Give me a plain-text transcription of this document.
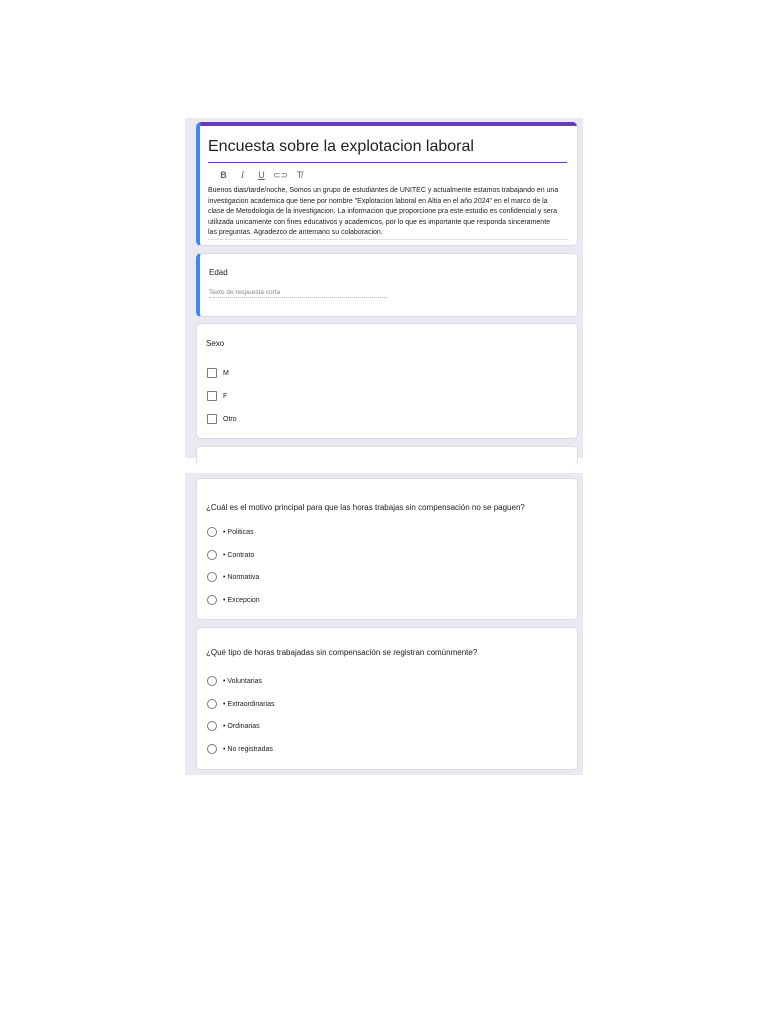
Encuesta sobre la explotacion laboral
B	I	U ⊂⊃ T̸

Buenos dias/tarde/noche, Somos un grupo de estudiantes de UNITEC y actualmente estamos trabajando en una investigacion academica que tiene por nombre "Explotacion laboral en Altia en el año 2024" en el marco de la clase de Metodologia de la investigacion. La informacion que proporcione pra este estudio es confidencial y sera utilizada unicamente con fines educativos y academicos, por lo que es importante que responda sinceramente las preguntas. Agradezco de antemano su colaboracion.

Edad
Texto de respuesta corta
Sexo
M
F
Otro
¿Cuál es el motivo principal para que las horas trabajas sin compensación no se paguen?
• Politicas
• Contrato
• Normativa
• Excepcion
¿Qué tipo de horas trabajadas sin compensación se registran comúnmente?
• Voluntarias
• Extraordinarias
• Ordinarias
• No registradas
